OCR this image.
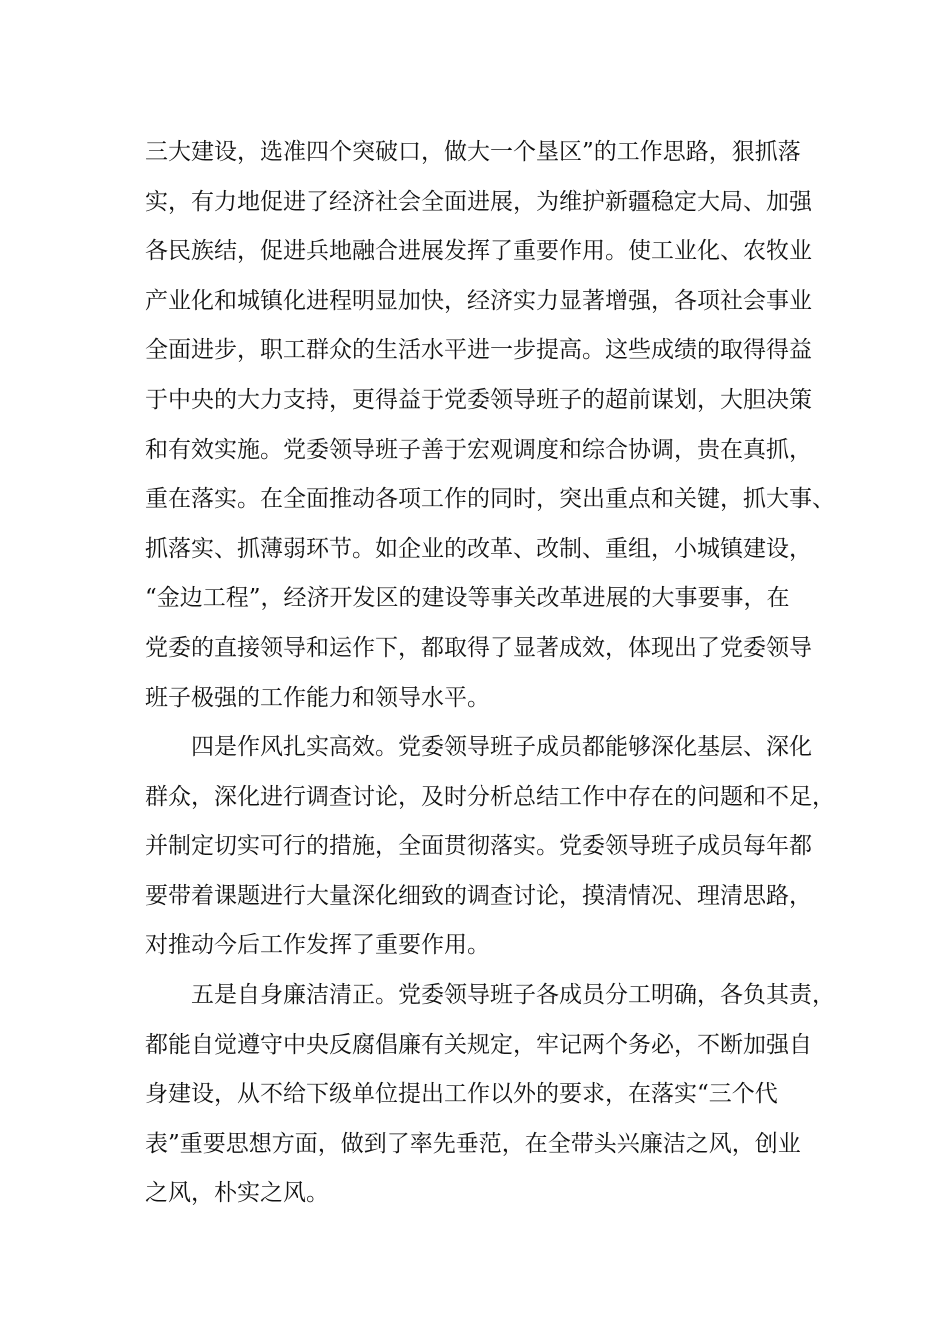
三大建设，选准四个突破口，做大一个垦区”的工作思路，狠抓落
实，有力地促进了经济社会全面进展，为维护新疆稳定大局、加强
各民族结，促进兵地融合进展发挥了重要作用。使工业化、农牧业
产业化和城镇化进程明显加快，经济实力显著增强，各项社会事业
全面进步，职工群众的生活水平进一步提高。这些成绩的取得得益
于中央的大力支持，更得益于党委领导班子的超前谋划，大胆决策
和有效实施。党委领导班子善于宏观调度和综合协调，贵在真抓，
重在落实。在全面推动各项工作的同时，突出重点和关键，抓大事、
抓落实、抓薄弱环节。如企业的改革、改制、重组，小城镇建设，
“金边工程”，经济开发区的建设等事关改革进展的大事要事，在
党委的直接领导和运作下，都取得了显著成效，体现出了党委领导
班子极强的工作能力和领导水平。
四是作风扎实高效。党委领导班子成员都能够深化基层、深化
群众，深化进行调查讨论，及时分析总结工作中存在的问题和不足，
并制定切实可行的措施，全面贯彻落实。党委领导班子成员每年都
要带着课题进行大量深化细致的调查讨论，摸清情况、理清思路，
对推动今后工作发挥了重要作用。
五是自身廉洁清正。党委领导班子各成员分工明确，各负其责，
都能自觉遵守中央反腐倡廉有关规定，牢记两个务必，不断加强自
身建设，从不给下级单位提出工作以外的要求，在落实“三个代
表”重要思想方面，做到了率先垂范，在全带头兴廉洁之风，创业
之风，朴实之风。
